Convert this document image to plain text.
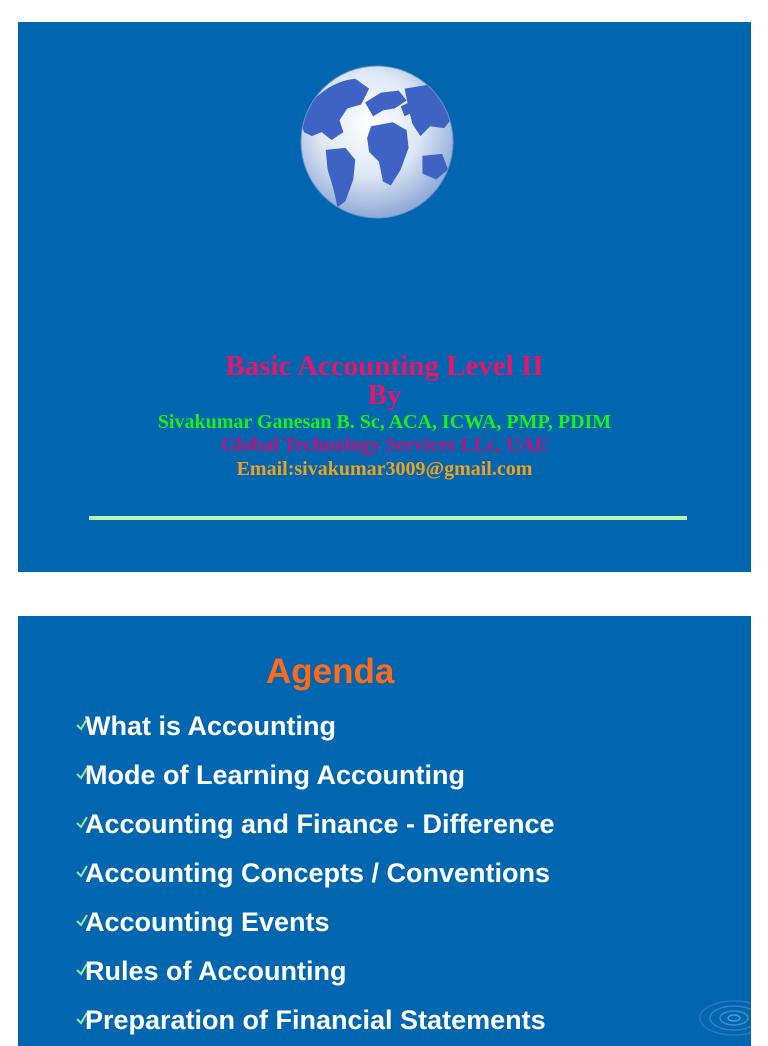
Basic Accounting Level II
By
Sivakumar Ganesan B. Sc, ACA, ICWA, PMP, PDIM
Global Technology Services LLc, UAE
Email:sivakumar3009@gmail.com
Agenda
What is Accounting
Mode of Learning Accounting
Accounting and Finance - Difference
Accounting Concepts / Conventions
Accounting Events
Rules of Accounting
Preparation of Financial Statements
